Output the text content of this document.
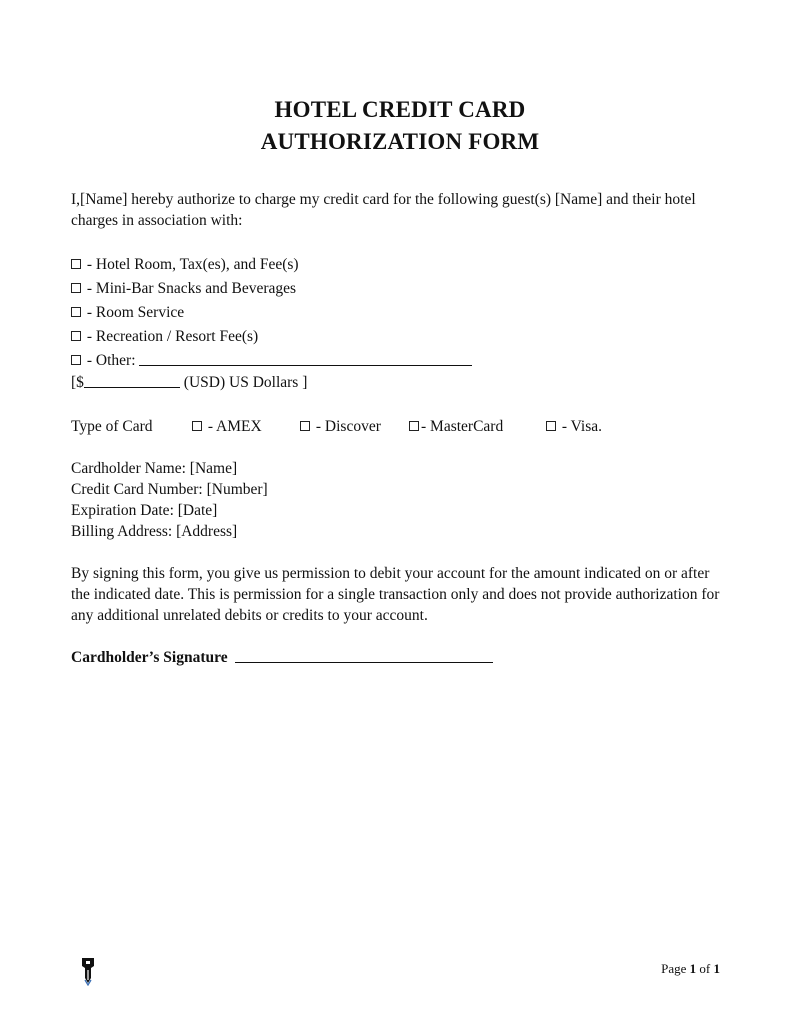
HOTEL CREDIT CARD
AUTHORIZATION FORM
I,[Name] hereby authorize to charge my credit card for the following guest(s) [Name] and their hotel charges in association with:
- Hotel Room, Tax(es), and Fee(s)
- Mini-Bar Snacks and Beverages
- Room Service
- Recreation / Resort Fee(s)
- Other:
[$	(USD) US Dollars ]
Type of Card	- AMEX	- Discover	- MasterCard	- Visa.
Cardholder Name: [Name]
Credit Card Number: [Number]
Expiration Date: [Date]
Billing Address: [Address]
By signing this form, you give us permission to debit your account for the amount indicated on or after the indicated date. This is permission for a single transaction only and does not provide authorization for any additional unrelated debits or credits to your account.
Cardholder’s Signature
Page 1 of 1
